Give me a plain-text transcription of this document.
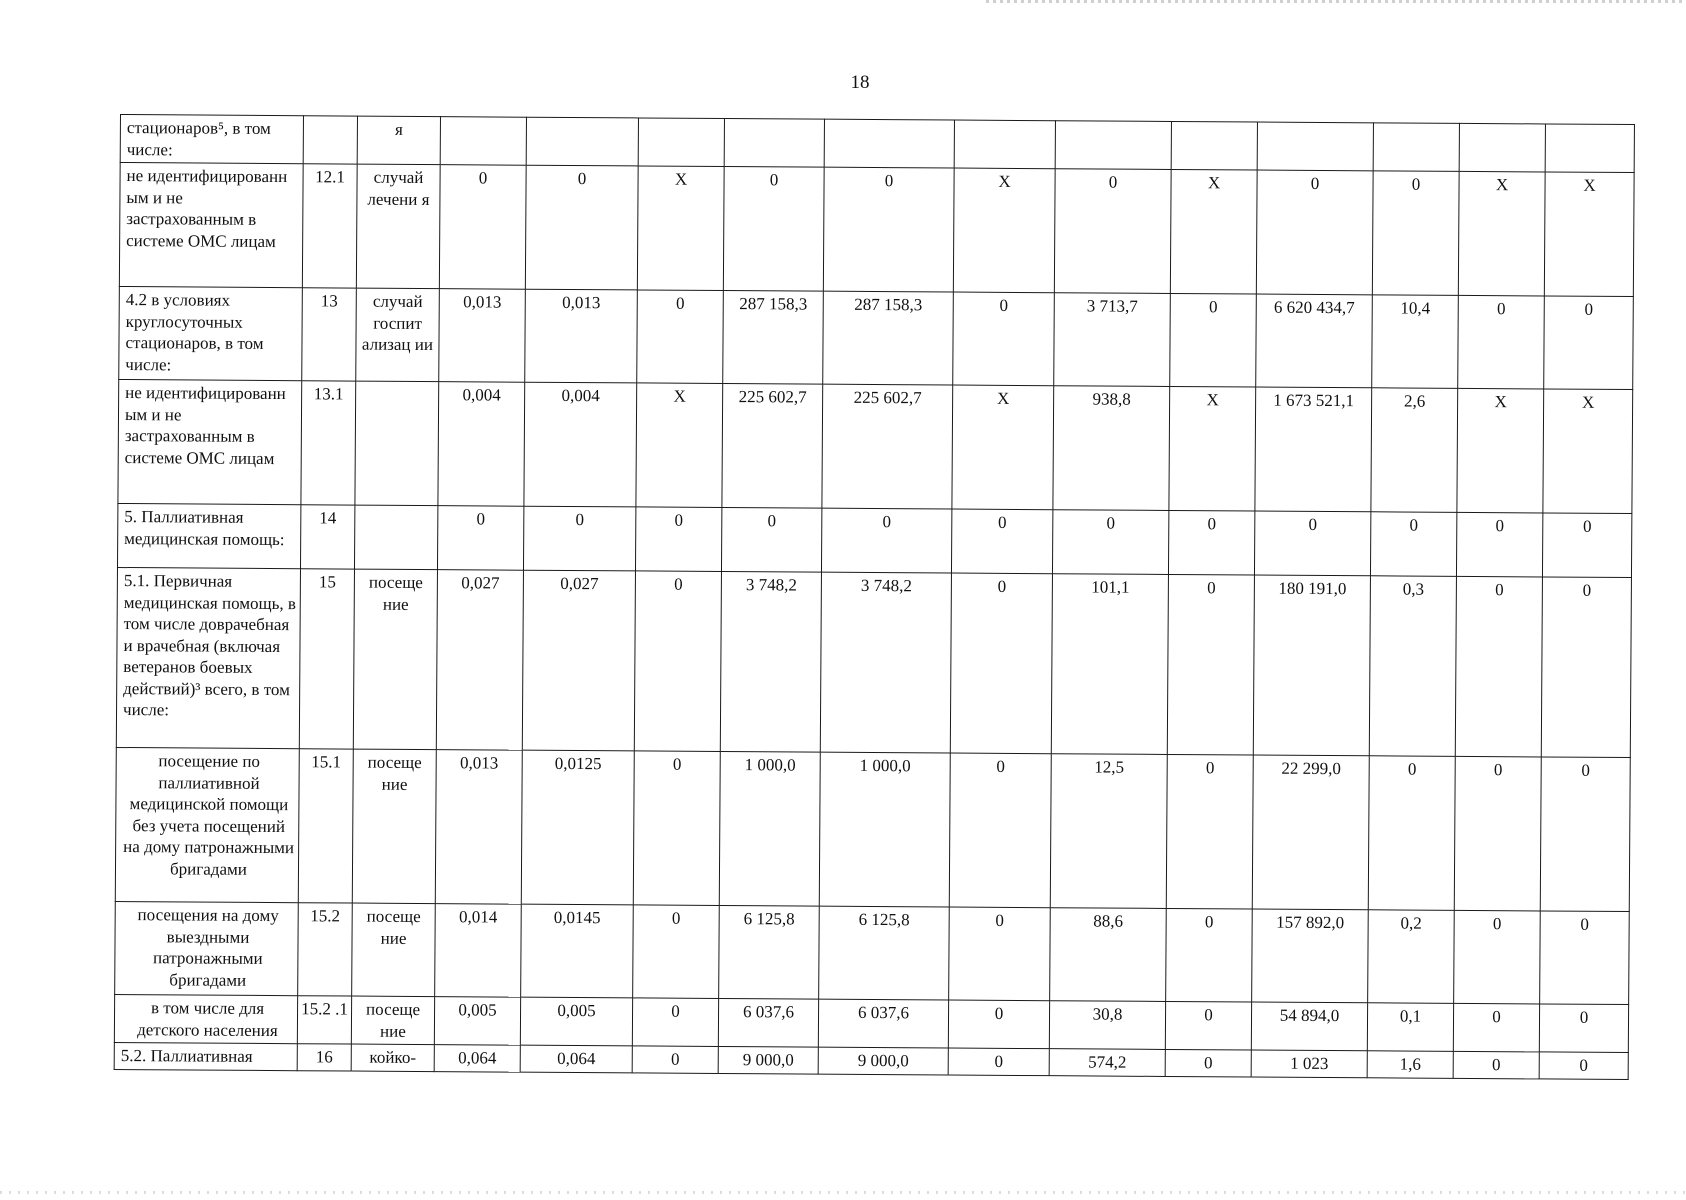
18
стационаров⁵, в том числе:		я												
не идентифицированн ым и не застрахованным в системе ОМС лицам	12.1	случай лечени я	0	0	X	0	0	X	0	X	0	0	X	X
4.2 в условиях круглосуточных стационаров, в том числе:	13	случай госпит ализац ии	0,013	0,013	0	287 158,3	287 158,3	0	3 713,7	0	6 620 434,7	10,4	0	0
не идентифицированн ым и не застрахованным в системе ОМС лицам	13.1		0,004	0,004	X	225 602,7	225 602,7	X	938,8	X	1 673 521,1	2,6	X	X
5. Паллиативная медицинская помощь:	14		0	0	0	0	0	0	0	0	0	0	0	0
5.1. Первичная медицинская помощь, в том числе доврачебная и врачебная (включая ветеранов боевых действий)³ всего, в том числе:	15	посеще ние	0,027	0,027	0	3 748,2	3 748,2	0	101,1	0	180 191,0	0,3	0	0
посещение по паллиативной медицинской помощи без учета посещений на дому патронажными бригадами	15.1	посеще ние	0,013	0,0125	0	1 000,0	1 000,0	0	12,5	0	22 299,0	0	0	0
посещения на дому выездными патронажными бригадами	15.2	посеще ние	0,014	0,0145	0	6 125,8	6 125,8	0	88,6	0	157 892,0	0,2	0	0
в том числе для детского населения	15.2 .1	посеще ние	0,005	0,005	0	6 037,6	6 037,6	0	30,8	0	54 894,0	0,1	0	0
5.2. Паллиативная	16	койко-	0,064	0,064	0	9 000,0	9 000,0	0	574,2	0	1 023	1,6	0	0
